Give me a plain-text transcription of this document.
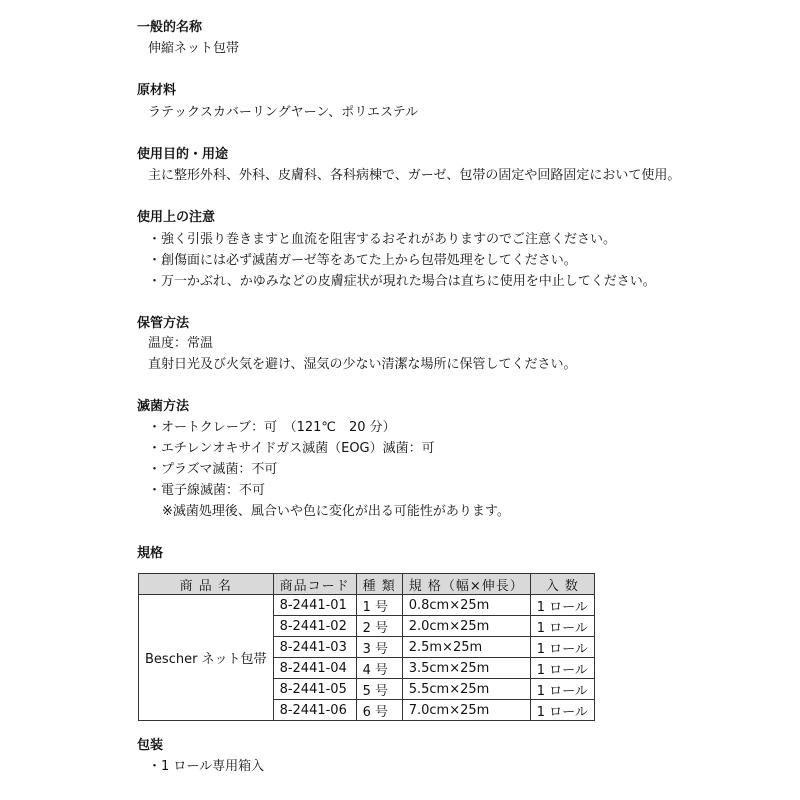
一般的名称
伸縮ネット包帯
原材料
ラテックスカバーリングヤーン、ポリエステル
使用目的・用途
主に整形外科、外科、皮膚科、各科病棟で、ガーゼ、包帯の固定や回路固定において使用。
使用上の注意
・強く引張り巻きますと血流を阻害するおそれがありますのでご注意ください。
・創傷面には必ず滅菌ガーゼ等をあてた上から包帯処理をしてください。
・万一かぶれ、かゆみなどの皮膚症状が現れた場合は直ちに使用を中止してください。
保管方法
温度：常温
直射日光及び火気を避け、湿気の少ない清潔な場所に保管してください。
滅菌方法
・オートクレーブ：可　（121℃　20 分）
・エチレンオキサイドガス滅菌（EOG）滅菌：可
・プラズマ滅菌：不可
・電子線滅菌：不可
※滅菌処理後、風合いや色に変化が出る可能性があります。
規格
商 品 名	商品コード	種 類	規 格（幅×伸長）	入 数
Bescher ネット包帯	8-2441-01	1 号	0.8cm×25m	1 ロール
	8-2441-02	2 号	2.0cm×25m	1 ロール
	8-2441-03	3 号	2.5m×25m	1 ロール
	8-2441-04	4 号	3.5cm×25m	1 ロール
	8-2441-05	5 号	5.5cm×25m	1 ロール
	8-2441-06	6 号	7.0cm×25m	1 ロール
包装
・1 ロール専用箱入
